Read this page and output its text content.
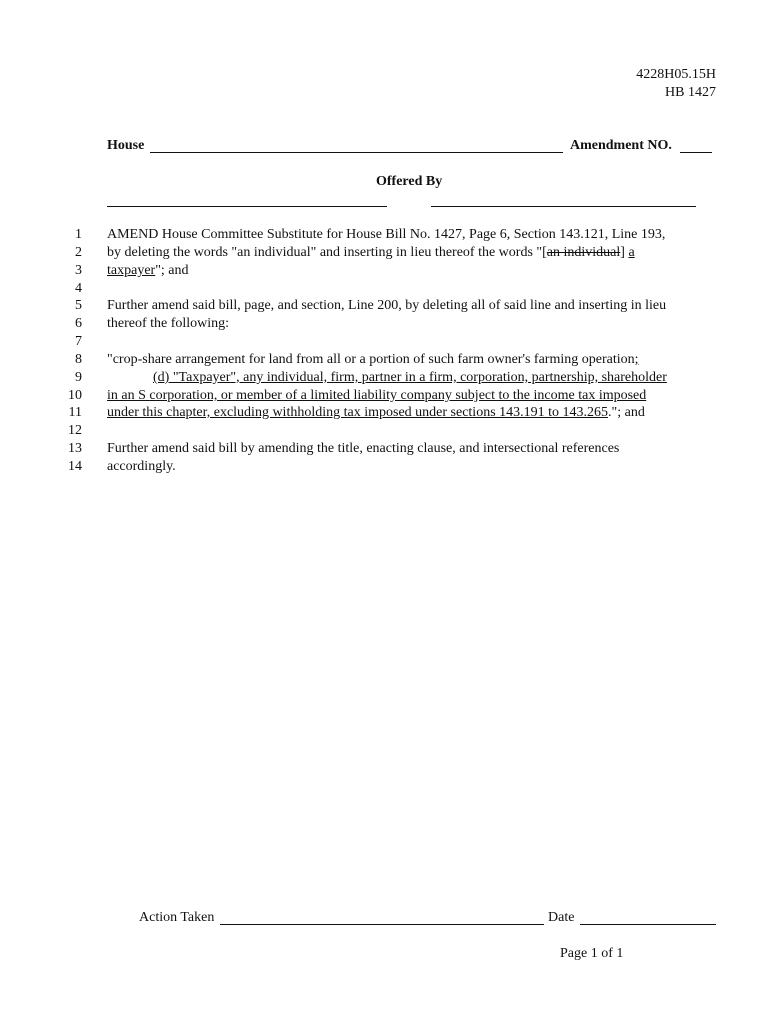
4228H05.15H
HB 1427
House	Amendment NO.
Offered By
1
2
3
4
5
6
7
8
9
10
11
12
13
14
AMEND House Committee Substitute for House Bill No. 1427, Page 6, Section 143.121, Line 193,
by deleting the words "an individual" and inserting in lieu thereof the words "[an individual] a
taxpayer"; and
Further amend said bill, page, and section, Line 200, by deleting all of said line and inserting in lieu
thereof the following:
"crop-share arrangement for land from all or a portion of such farm owner's farming operation;
(d) "Taxpayer", any individual, firm, partner in a firm, corporation, partnership, shareholder
in an S corporation, or member of a limited liability company subject to the income tax imposed
under this chapter, excluding withholding tax imposed under sections 143.191 to 143.265."; and
Further amend said bill by amending the title, enacting clause, and intersectional references
accordingly.
Action Taken	Date
Page 1 of 1
